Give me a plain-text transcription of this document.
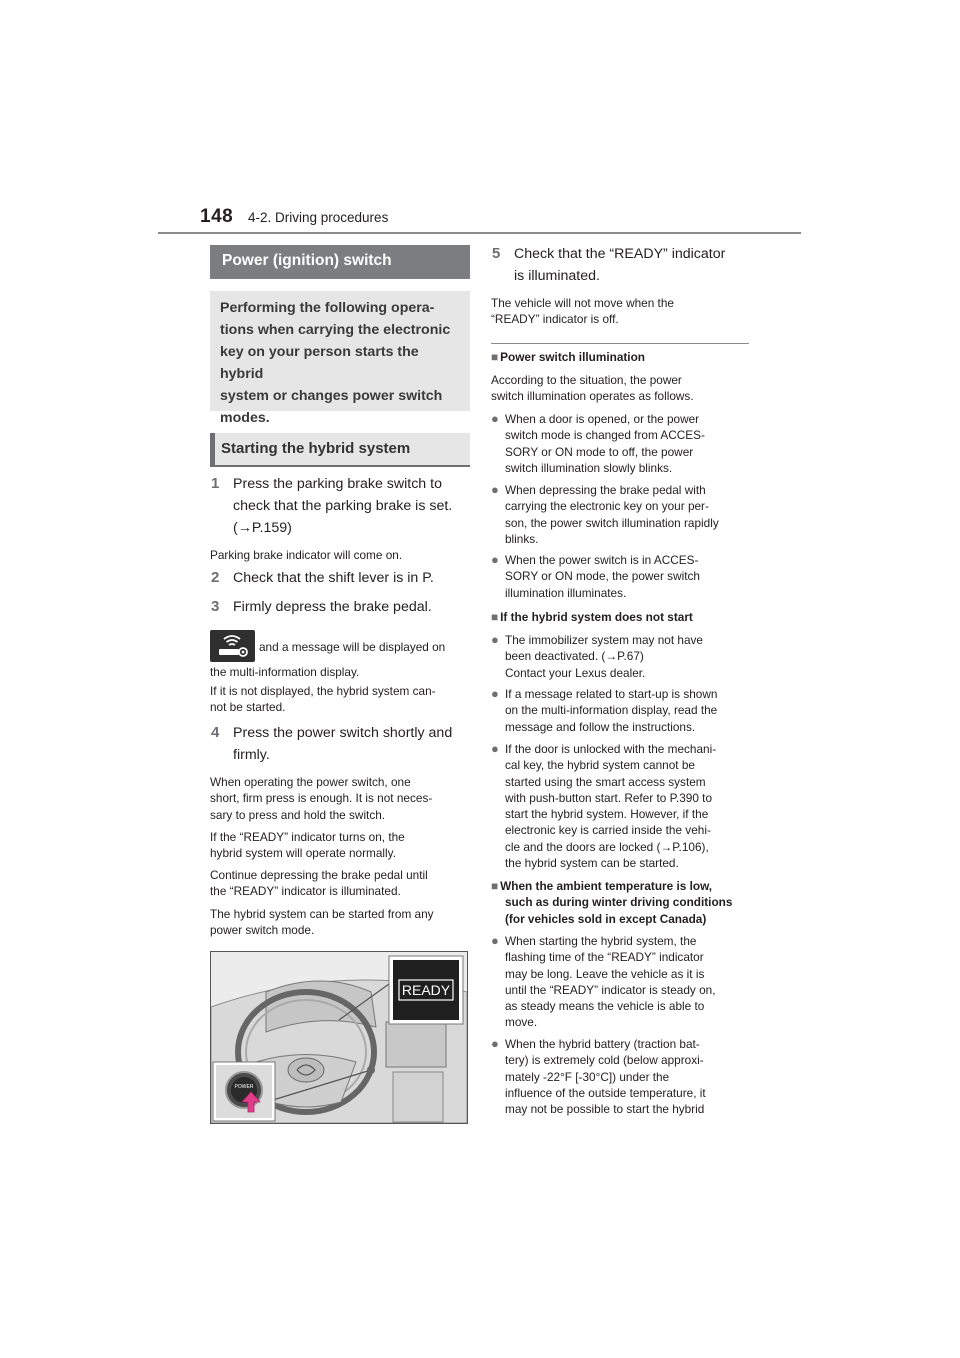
148 4-2. Driving procedures
Power (ignition) switch
Performing the following opera-
tions when carrying the electronic
key on your person starts the hybrid
system or changes power switch
modes.
Starting the hybrid system
1 Press the parking brake switch to
check that the parking brake is set.
(→P.159)
Parking brake indicator will come on.
2 Check that the shift lever is in P.
3 Firmly depress the brake pedal.
and a message will be displayed on
the multi-information display.
If it is not displayed, the hybrid system can-
not be started.
4 Press the power switch shortly and
firmly.
When operating the power switch, one
short, firm press is enough. It is not neces-
sary to press and hold the switch.
If the “READY” indicator turns on, the
hybrid system will operate normally.
Continue depressing the brake pedal until
the “READY” indicator is illuminated.
The hybrid system can be started from any
power switch mode.
READY
POWER
5 Check that the “READY” indicator
is illuminated.
The vehicle will not move when the
“READY” indicator is off.
■ Power switch illumination
According to the situation, the power
switch illumination operates as follows.
● When a door is opened, or the power
switch mode is changed from ACCES-
SORY or ON mode to off, the power
switch illumination slowly blinks.
● When depressing the brake pedal with
carrying the electronic key on your per-
son, the power switch illumination rapidly
blinks.
● When the power switch is in ACCES-
SORY or ON mode, the power switch
illumination illuminates.
■ If the hybrid system does not start
● The immobilizer system may not have
been deactivated. (→P.67)
Contact your Lexus dealer.
● If a message related to start-up is shown
on the multi-information display, read the
message and follow the instructions.
● If the door is unlocked with the mechani-
cal key, the hybrid system cannot be
started using the smart access system
with push-button start. Refer to P.390 to
start the hybrid system. However, if the
electronic key is carried inside the vehi-
cle and the doors are locked (→P.106),
the hybrid system can be started.
■ When the ambient temperature is low,
such as during winter driving conditions
(for vehicles sold in except Canada)
● When starting the hybrid system, the
flashing time of the “READY” indicator
may be long. Leave the vehicle as it is
until the “READY” indicator is steady on,
as steady means the vehicle is able to
move.
● When the hybrid battery (traction bat-
tery) is extremely cold (below approxi-
mately -22°F [-30°C]) under the
influence of the outside temperature, it
may not be possible to start the hybrid
